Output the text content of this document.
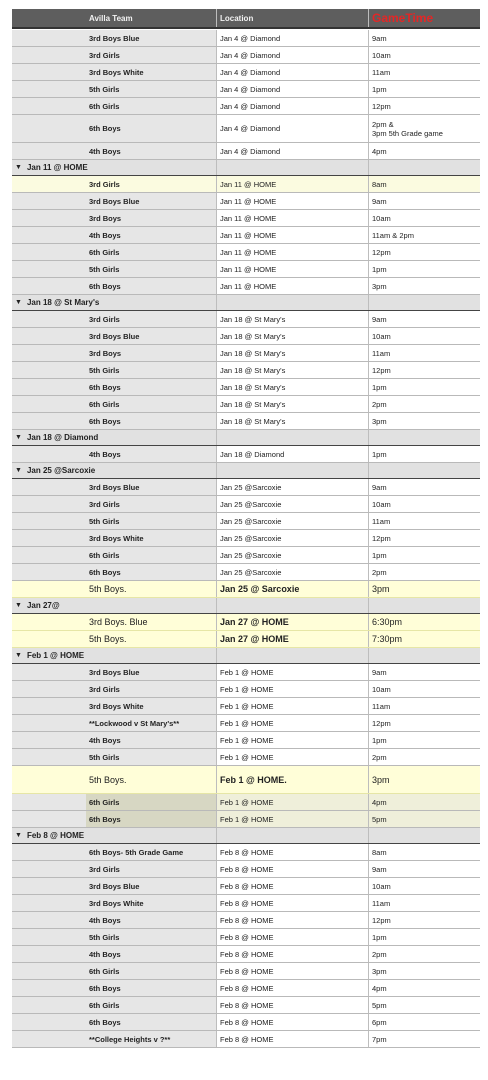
Avilla Team	Location	GameTime
3rd Boys Blue	Jan 4 @ Diamond	9am
3rd Girls	Jan 4 @ Diamond	10am
3rd Boys White	Jan 4 @ Diamond	11am
5th Girls	Jan 4 @ Diamond	1pm
6th Girls	Jan 4 @ Diamond	12pm
6th Boys	Jan 4 @ Diamond	2pm &
3pm 5th Grade game
4th Boys	Jan 4 @ Diamond	4pm
▼ Jan 11 @ HOME
3rd Girls	Jan 11 @ HOME	8am
3rd Boys Blue	Jan 11 @ HOME	9am
3rd Boys	Jan 11 @ HOME	10am
4th Boys	Jan 11 @ HOME	11am & 2pm
6th Girls	Jan 11 @ HOME	12pm
5th Girls	Jan 11 @ HOME	1pm
6th Boys	Jan 11 @ HOME	3pm
▼ Jan 18 @ St Mary's
3rd Girls	Jan 18 @ St Mary's	9am
3rd Boys Blue	Jan 18 @ St Mary's	10am
3rd Boys	Jan 18 @ St Mary's	11am
5th Girls	Jan 18 @ St Mary's	12pm
6th Boys	Jan 18 @ St Mary's	1pm
6th Girls	Jan 18 @ St Mary's	2pm
6th Boys	Jan 18 @ St Mary's	3pm
▼ Jan 18 @ Diamond
4th Boys	Jan 18 @ Diamond	1pm
▼ Jan 25 @Sarcoxie
3rd Boys Blue	Jan 25 @Sarcoxie	9am
3rd Girls	Jan 25 @Sarcoxie	10am
5th Girls	Jan 25 @Sarcoxie	11am
3rd Boys White	Jan 25 @Sarcoxie	12pm
6th Girls	Jan 25 @Sarcoxie	1pm
6th Boys	Jan 25 @Sarcoxie	2pm
5th Boys.	Jan 25 @ Sarcoxie	3pm
▼ Jan 27@
3rd Boys. Blue	Jan 27 @ HOME	6:30pm
5th Boys.	Jan 27 @ HOME	7:30pm
▼ Feb 1 @ HOME
3rd Boys Blue	Feb 1 @ HOME	9am
3rd Girls	Feb 1 @ HOME	10am
3rd Boys White	Feb 1 @ HOME	11am
**Lockwood v St Mary's**	Feb 1 @ HOME	12pm
4th Boys	Feb 1 @ HOME	1pm
5th Girls	Feb 1 @ HOME	2pm
5th Boys.	Feb 1 @ HOME.	3pm
6th Girls	Feb 1 @ HOME	4pm
6th Boys	Feb 1 @ HOME	5pm
▼ Feb 8 @ HOME
6th Boys- 5th Grade Game	Feb 8 @ HOME	8am
3rd Girls	Feb 8 @ HOME	9am
3rd Boys Blue	Feb 8 @ HOME	10am
3rd Boys White	Feb 8 @ HOME	11am
4th Boys	Feb 8 @ HOME	12pm
5th Girls	Feb 8 @ HOME	1pm
4th Boys	Feb 8 @ HOME	2pm
6th Girls	Feb 8 @ HOME	3pm
6th Boys	Feb 8 @ HOME	4pm
6th Girls	Feb 8 @ HOME	5pm
6th Boys	Feb 8 @ HOME	6pm
**College Heights v ?**	Feb 8 @ HOME	7pm
